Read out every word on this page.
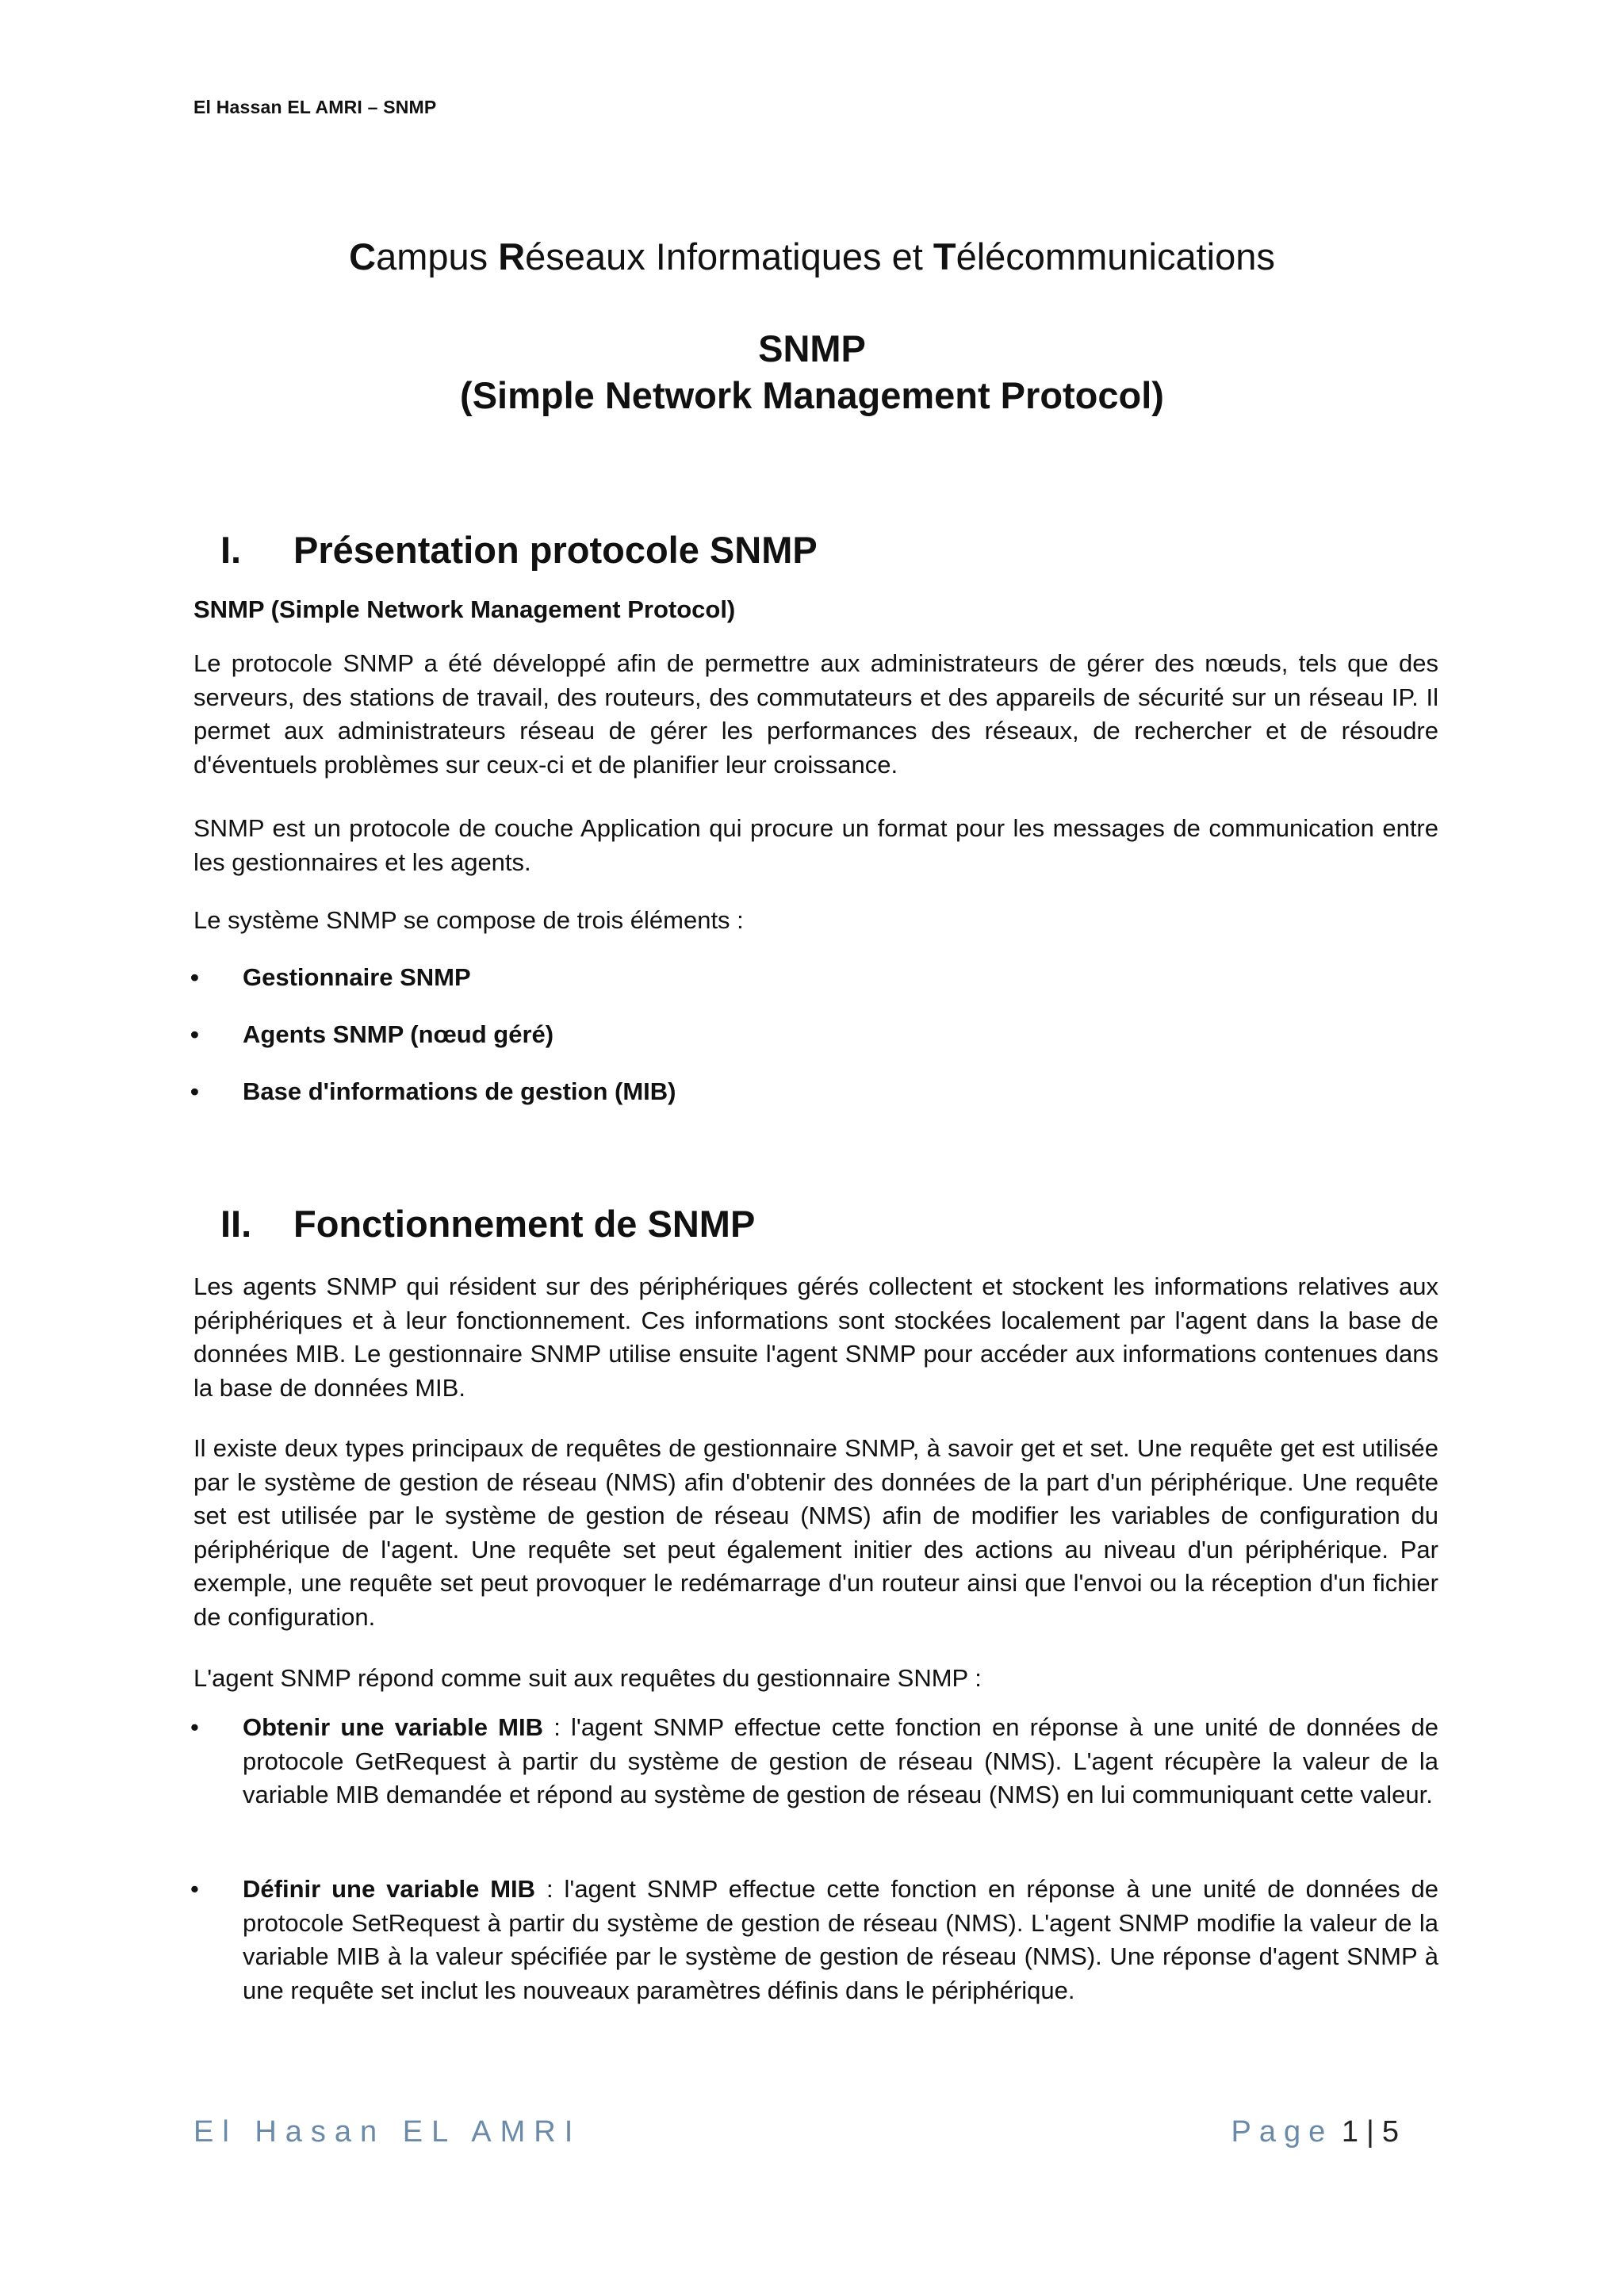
El Hassan EL AMRI – SNMP
Campus Réseaux Informatiques et Télécommunications
SNMP
(Simple Network Management Protocol)
I. Présentation protocole SNMP
SNMP (Simple Network Management Protocol)
Le protocole SNMP a été développé afin de permettre aux administrateurs de gérer des nœuds, tels que des serveurs, des stations de travail, des routeurs, des commutateurs et des appareils de sécurité sur un réseau IP. Il permet aux administrateurs réseau de gérer les performances des réseaux, de rechercher et de résoudre d'éventuels problèmes sur ceux-ci et de planifier leur croissance.
SNMP est un protocole de couche Application qui procure un format pour les messages de communication entre les gestionnaires et les agents.
Le système SNMP se compose de trois éléments :
• Gestionnaire SNMP
• Agents SNMP (nœud géré)
• Base d'informations de gestion (MIB)
II. Fonctionnement de SNMP
Les agents SNMP qui résident sur des périphériques gérés collectent et stockent les informations relatives aux périphériques et à leur fonctionnement. Ces informations sont stockées localement par l'agent dans la base de données MIB. Le gestionnaire SNMP utilise ensuite l'agent SNMP pour accéder aux informations contenues dans la base de données MIB.
Il existe deux types principaux de requêtes de gestionnaire SNMP, à savoir get et set. Une requête get est utilisée par le système de gestion de réseau (NMS) afin d'obtenir des données de la part d'un périphérique. Une requête set est utilisée par le système de gestion de réseau (NMS) afin de modifier les variables de configuration du périphérique de l'agent. Une requête set peut également initier des actions au niveau d'un périphérique. Par exemple, une requête set peut provoquer le redémarrage d'un routeur ainsi que l'envoi ou la réception d'un fichier de configuration.
L'agent SNMP répond comme suit aux requêtes du gestionnaire SNMP :
• Obtenir une variable MIB : l'agent SNMP effectue cette fonction en réponse à une unité de données de protocole GetRequest à partir du système de gestion de réseau (NMS). L'agent récupère la valeur de la variable MIB demandée et répond au système de gestion de réseau (NMS) en lui communiquant cette valeur.
• Définir une variable MIB : l'agent SNMP effectue cette fonction en réponse à une unité de données de protocole SetRequest à partir du système de gestion de réseau (NMS). L'agent SNMP modifie la valeur de la variable MIB à la valeur spécifiée par le système de gestion de réseau (NMS). Une réponse d'agent SNMP à une requête set inclut les nouveaux paramètres définis dans le périphérique.
El Hasan EL AMRI	Page 1 | 5
